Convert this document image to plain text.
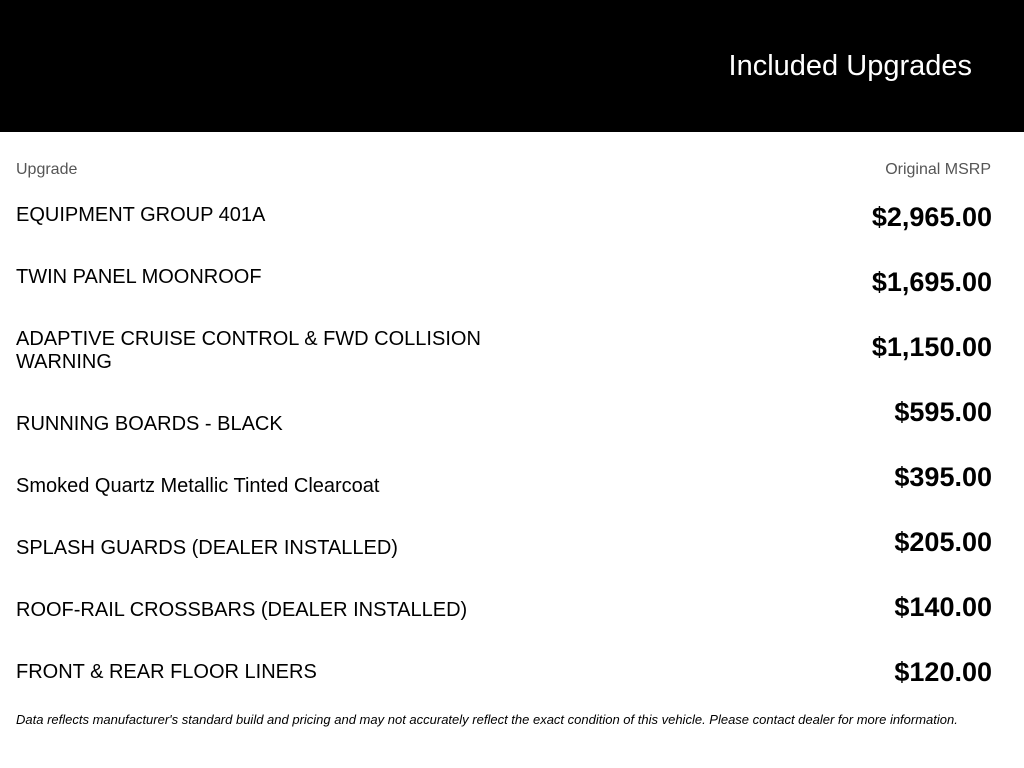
Included Upgrades
Upgrade	Original MSRP
EQUIPMENT GROUP 401A	$2,965.00
TWIN PANEL MOONROOF	$1,695.00
ADAPTIVE CRUISE CONTROL & FWD COLLISION WARNING	$1,150.00
RUNNING BOARDS - BLACK	$595.00
Smoked Quartz Metallic Tinted Clearcoat	$395.00
SPLASH GUARDS (DEALER INSTALLED)	$205.00
ROOF-RAIL CROSSBARS (DEALER INSTALLED)	$140.00
FRONT & REAR FLOOR LINERS	$120.00
Data reflects manufacturer's standard build and pricing and may not accurately reflect the exact condition of this vehicle. Please contact dealer for more information.
